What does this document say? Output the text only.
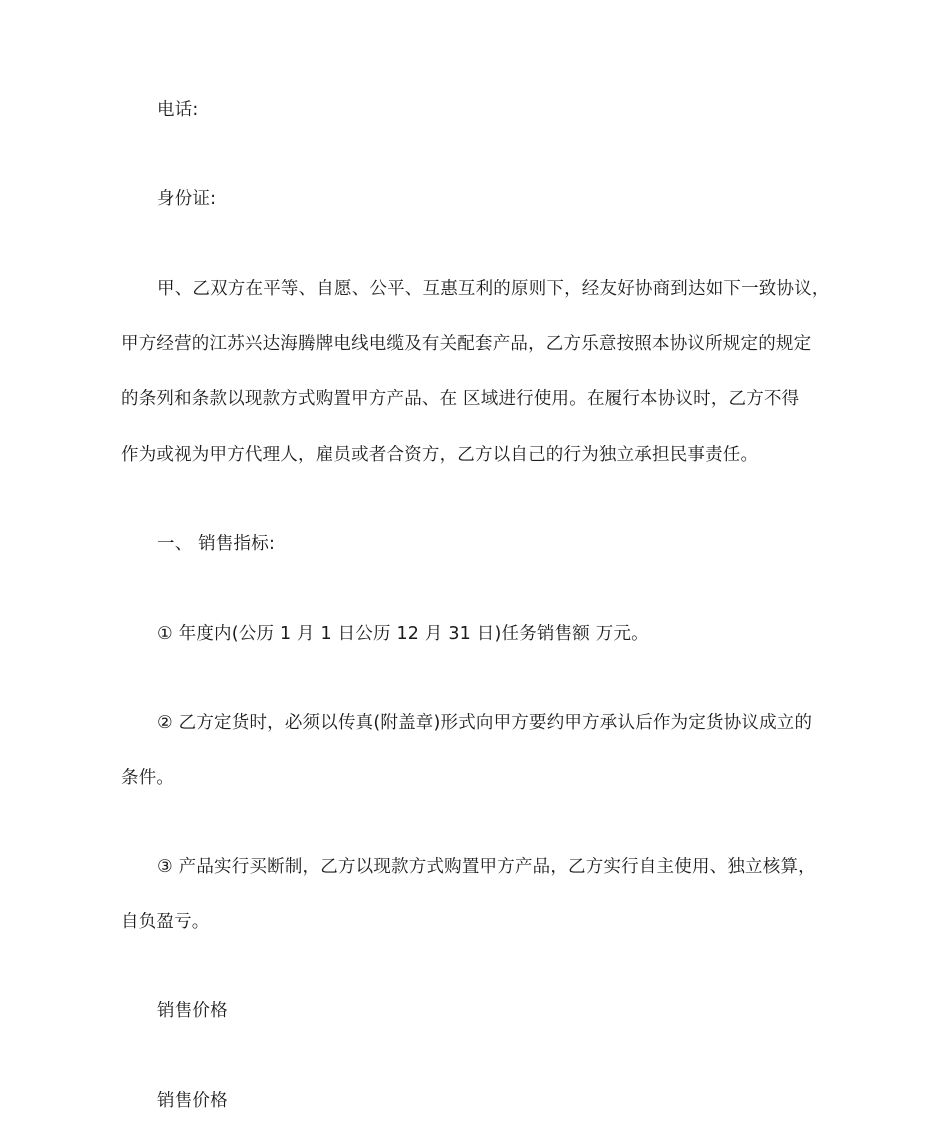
电话:
身份证:
甲、乙双方在平等、自愿、公平、互惠互利的原则下，经友好协商到达如下一致协议，
甲方经营的江苏兴达海腾牌电线电缆及有关配套产品，乙方乐意按照本协议所规定的规定
的条列和条款以现款方式购置甲方产品、在 区域进行使用。在履行本协议时，乙方不得
作为或视为甲方代理人，雇员或者合资方，乙方以自己的行为独立承担民事责任。
一、 销售指标:
① 年度内(公历 1 月 1 日公历 12 月 31 日)任务销售额 万元。
② 乙方定货时，必须以传真(附盖章)形式向甲方要约甲方承认后作为定货协议成立的
条件。
③ 产品实行买断制，乙方以现款方式购置甲方产品，乙方实行自主使用、独立核算，
自负盈亏。
销售价格
销售价格
